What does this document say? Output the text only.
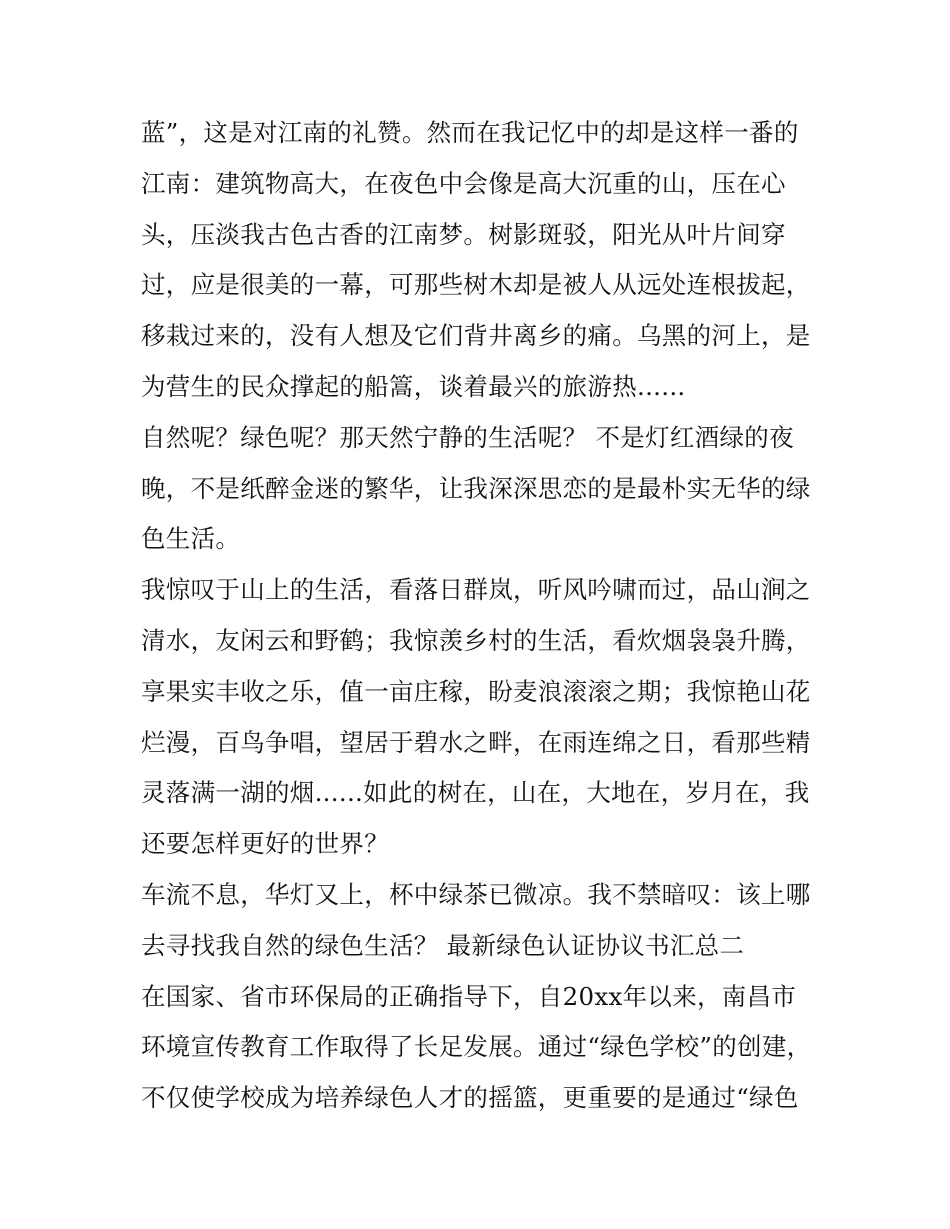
蓝”，这是对江南的礼赞。然而在我记忆中的却是这样一番的
江南：建筑物高大，在夜色中会像是高大沉重的山，压在心
头，压淡我古色古香的江南梦。树影斑驳，阳光从叶片间穿
过，应是很美的一幕，可那些树木却是被人从远处连根拔起，
移栽过来的，没有人想及它们背井离乡的痛。乌黑的河上，是
为营生的民众撑起的船篙，谈着最兴的旅游热......
自然呢？绿色呢？那天然宁静的生活呢？ 不是灯红酒绿的夜
晚，不是纸醉金迷的繁华，让我深深思恋的是最朴实无华的绿
色生活。
我惊叹于山上的生活，看落日群岚，听风吟啸而过，品山涧之
清水，友闲云和野鹤；我惊羡乡村的生活，看炊烟袅袅升腾，
享果实丰收之乐，值一亩庄稼，盼麦浪滚滚之期；我惊艳山花
烂漫，百鸟争唱，望居于碧水之畔，在雨连绵之日，看那些精
灵落满一湖的烟......如此的树在，山在，大地在，岁月在，我
还要怎样更好的世界？
车流不息，华灯又上，杯中绿茶已微凉。我不禁暗叹：该上哪
去寻找我自然的绿色生活？ 最新绿色认证协议书汇总二
在国家、省市环保局的正确指导下，自20xx年以来，南昌市
环境宣传教育工作取得了长足发展。通过“绿色学校”的创建，
不仅使学校成为培养绿色人才的摇篮，更重要的是通过“绿色
